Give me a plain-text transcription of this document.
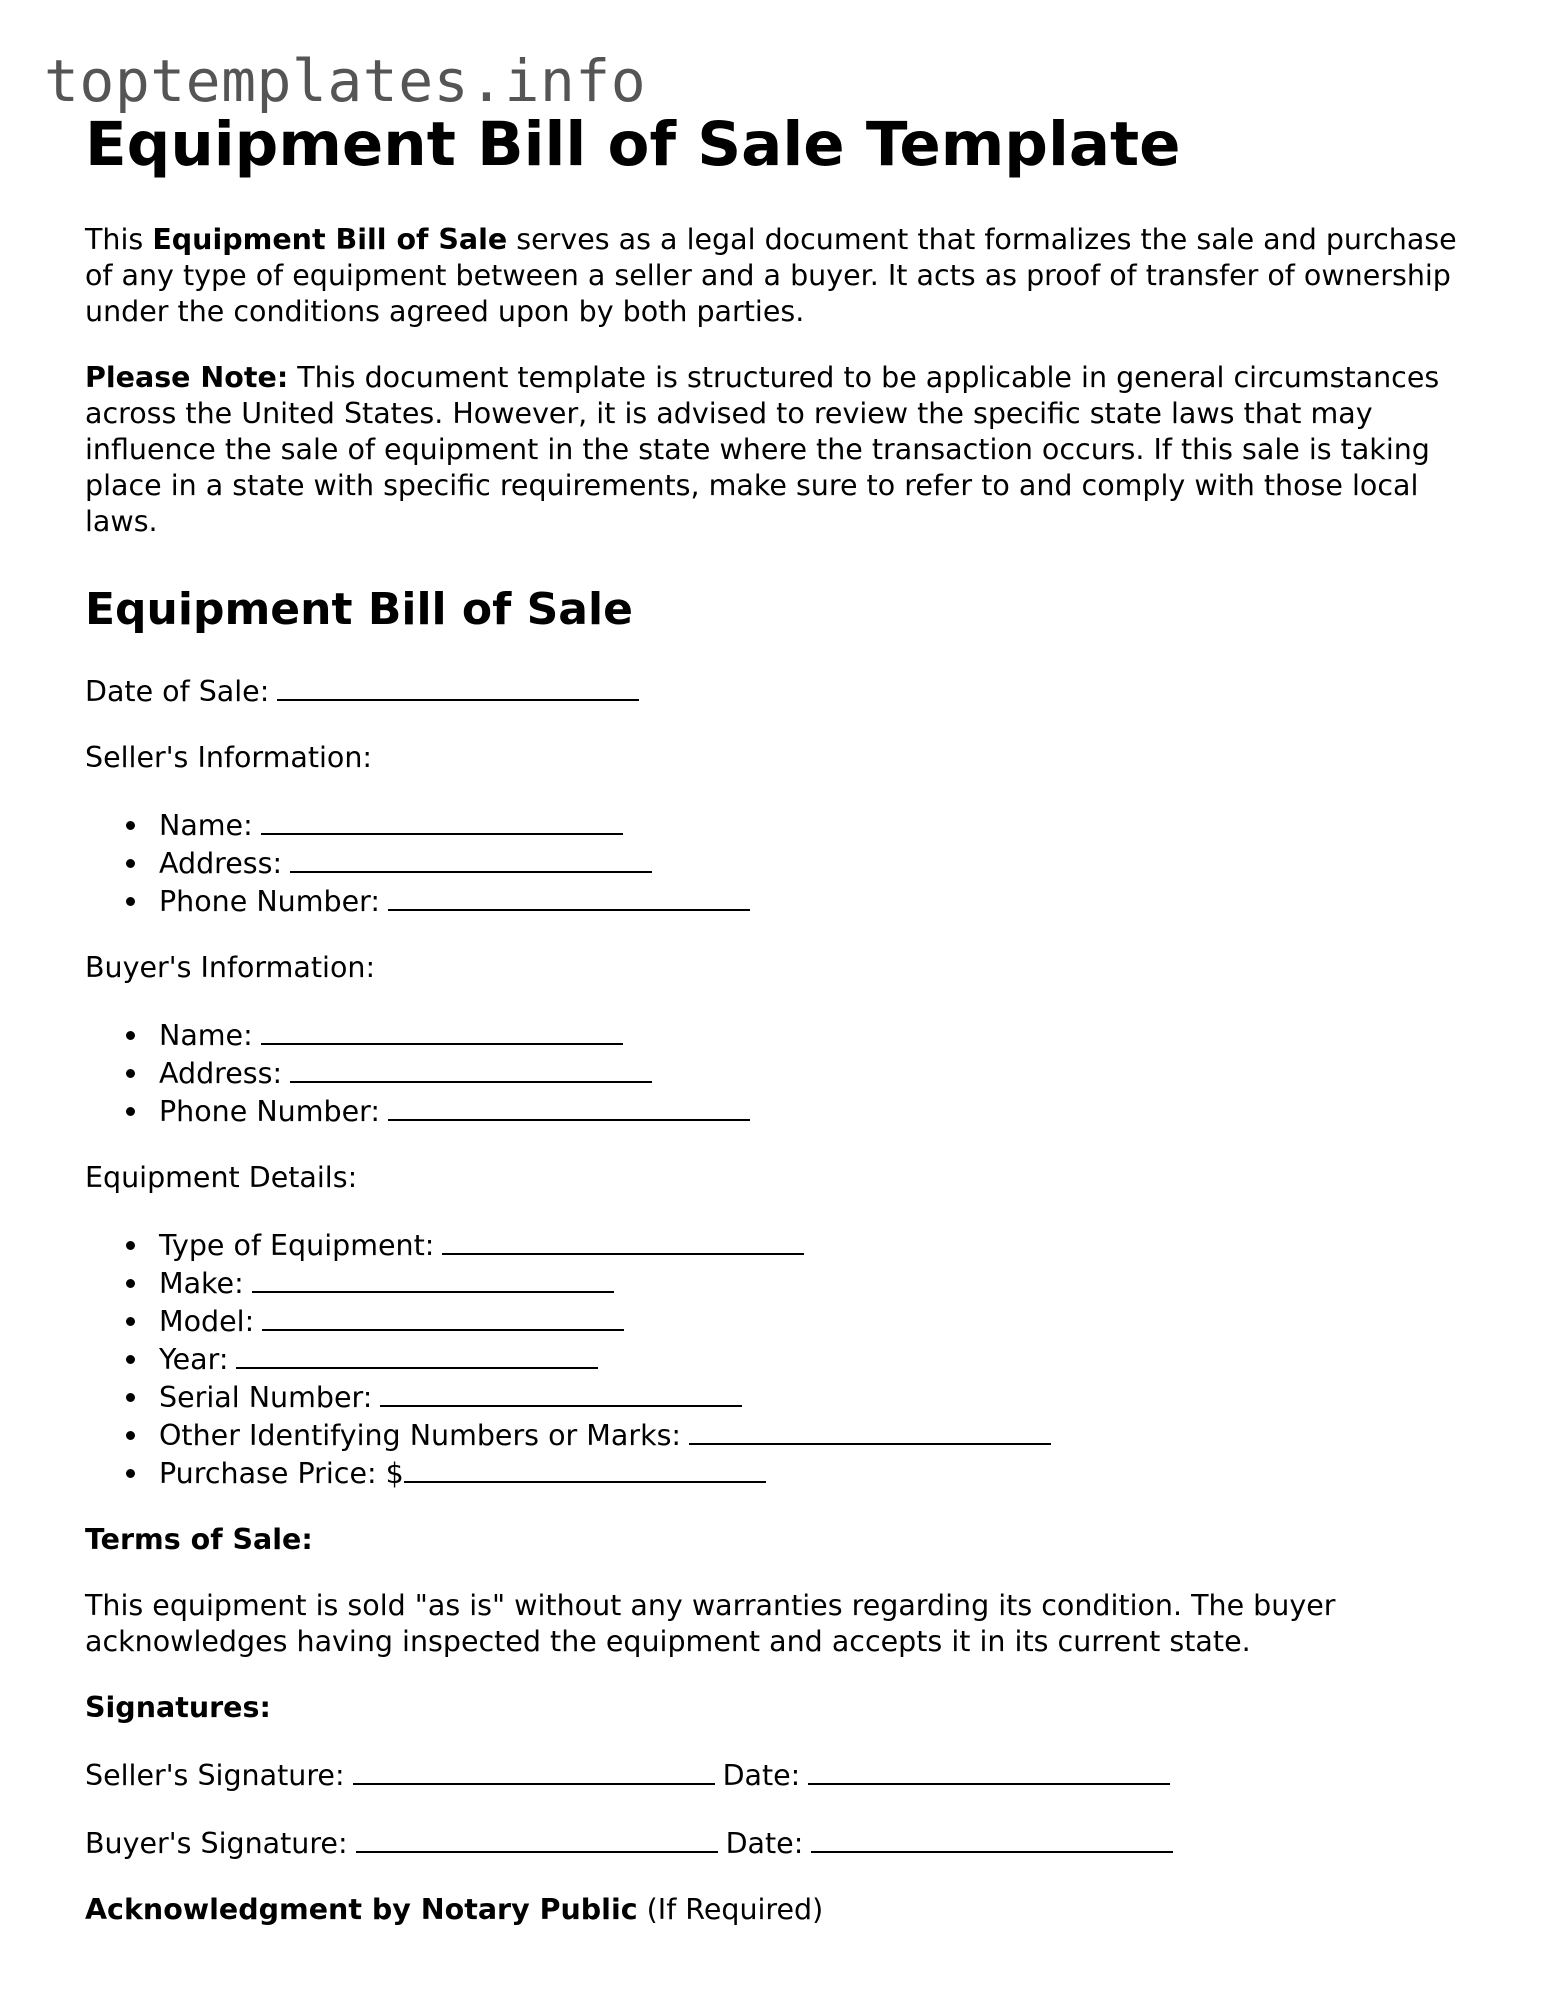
toptemplates.info
Equipment Bill of Sale Template

This Equipment Bill of Sale serves as a legal document that formalizes the sale and purchase of any type of equipment between a seller and a buyer. It acts as proof of transfer of ownership under the conditions agreed upon by both parties.

Please Note: This document template is structured to be applicable in general circumstances across the United States. However, it is advised to review the specific state laws that may influence the sale of equipment in the state where the transaction occurs. If this sale is taking place in a state with specific requirements, make sure to refer to and comply with those local laws.

Equipment Bill of Sale

Date of Sale:

Seller's Information:

Name:
Address:
Phone Number:

Buyer's Information:

Name:
Address:
Phone Number:

Equipment Details:

Type of Equipment:
Make:
Model:
Year:
Serial Number:
Other Identifying Numbers or Marks:
Purchase Price: $

Terms of Sale:

This equipment is sold "as is" without any warranties regarding its condition. The buyer acknowledges having inspected the equipment and accepts it in its current state.

Signatures:

Seller's Signature:	Date:

Buyer's Signature:	Date:

Acknowledgment by Notary Public (If Required)
